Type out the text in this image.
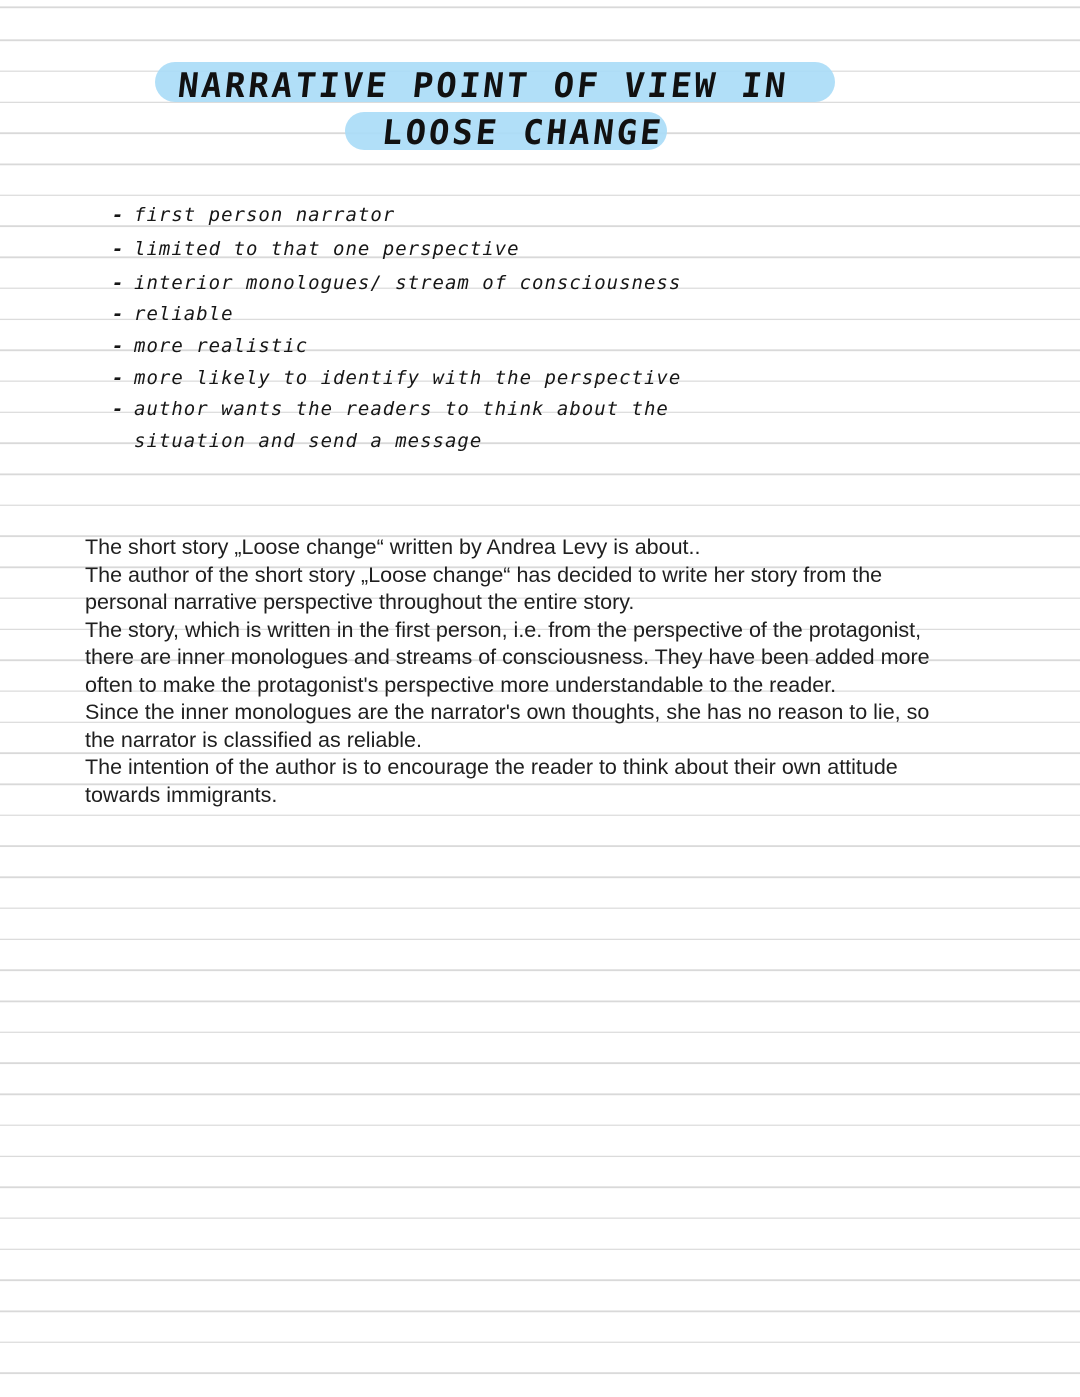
NARRATIVE POINT OF VIEW IN
LOOSE CHANGE
- first person narrator
- limited to that one perspective
- interior monologues/ stream of consciousness
- reliable
- more realistic
- more likely to identify with the perspective
- author wants the readers to think about the
situation and send a message

The short story „Loose change“ written by Andrea Levy is about..

The author of the short story „Loose change“ has decided to write her story from the personal narrative perspective throughout the entire story.

The story, which is written in the first person, i.e. from the perspective of the protagonist, there are inner monologues and streams of consciousness. They have been added more often to make the protagonist's perspective more understandable to the reader.

Since the inner monologues are the narrator's own thoughts, she has no reason to lie, so the narrator is classified as reliable.

The intention of the author is to encourage the reader to think about their own attitude towards immigrants.
